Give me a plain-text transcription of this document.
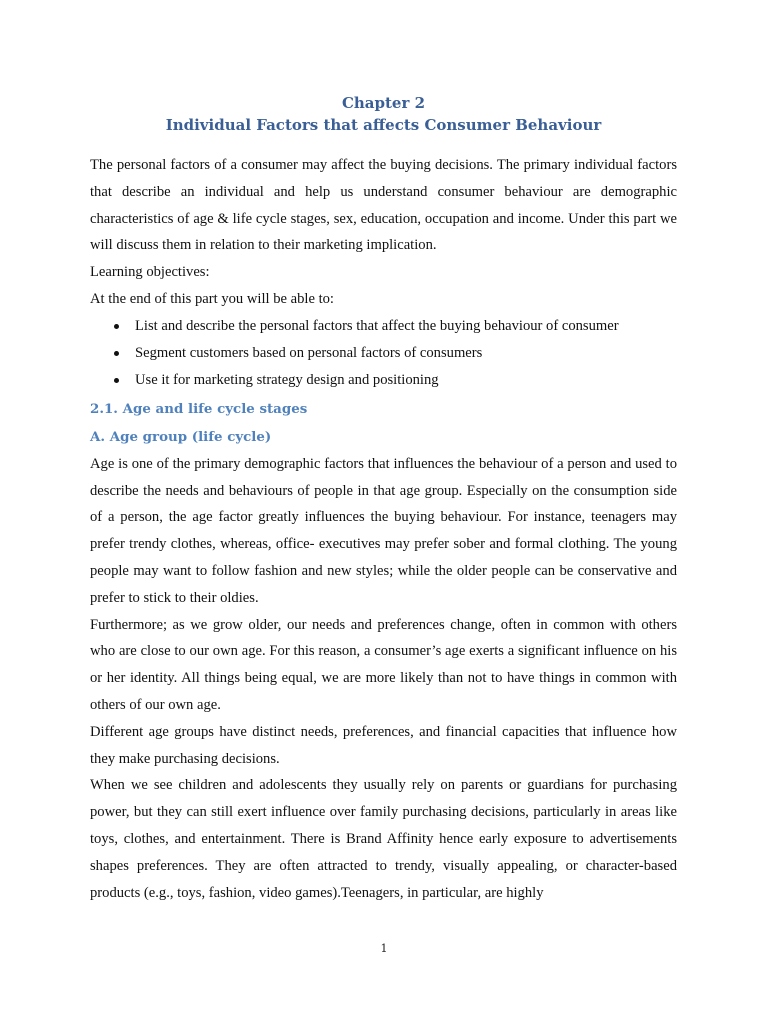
Chapter 2
Individual Factors that affects Consumer Behaviour

The personal factors of a consumer may affect the buying decisions. The primary individual factors that describe an individual and help us understand consumer behaviour are demographic characteristics of age & life cycle stages, sex, education, occupation and income. Under this part we will discuss them in relation to their marketing implication.

Learning objectives:

At the end of this part you will be able to:

List and describe the personal factors that affect the buying behaviour of consumer
Segment customers based on personal factors of consumers
Use it for marketing strategy design and positioning
2.1. Age and life cycle stages
A. Age group (life cycle)

Age is one of the primary demographic factors that influences the behaviour of a person and used to describe the needs and behaviours of people in that age group. Especially on the consumption side of a person, the age factor greatly influences the buying behaviour. For instance, teenagers may prefer trendy clothes, whereas, office- executives may prefer sober and formal clothing. The young people may want to follow fashion and new styles; while the older people can be conservative and prefer to stick to their oldies.

Furthermore; as we grow older, our needs and preferences change, often in common with others who are close to our own age. For this reason, a consumer’s age exerts a significant influence on his or her identity. All things being equal, we are more likely than not to have things in common with others of our own age.

Different age groups have distinct needs, preferences, and financial capacities that influence how they make purchasing decisions.

When we see children and adolescents they usually rely on parents or guardians for purchasing power, but they can still exert influence over family purchasing decisions, particularly in areas like toys, clothes, and entertainment. There is Brand Affinity hence early exposure to advertisements shapes preferences. They are often attracted to trendy, visually appealing, or character-based products (e.g., toys, fashion, video games).Teenagers, in particular, are highly

1
